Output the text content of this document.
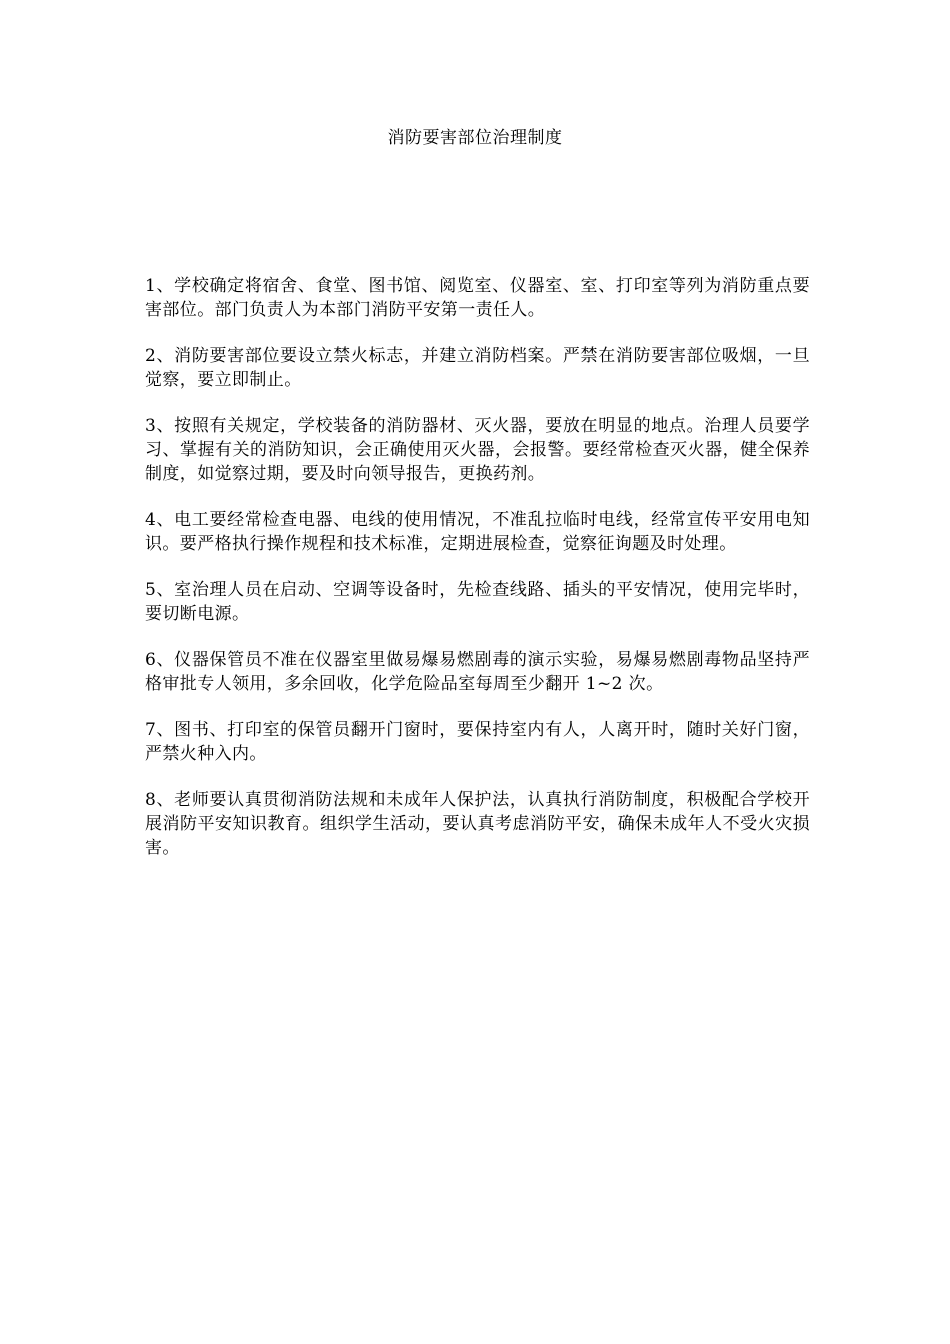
消防要害部位治理制度

1、学校确定将宿舍、食堂、图书馆、阅览室、仪器室、室、打印室等列为消防重点要害部位。部门负责人为本部门消防平安第一责任人。

2、消防要害部位要设立禁火标志，并建立消防档案。严禁在消防要害部位吸烟，一旦觉察，要立即制止。

3、按照有关规定，学校装备的消防器材、灭火器，要放在明显的地点。治理人员要学习、掌握有关的消防知识，会正确使用灭火器，会报警。要经常检查灭火器，健全保养制度，如觉察过期，要及时向领导报告，更换药剂。

4、电工要经常检查电器、电线的使用情况，不准乱拉临时电线，经常宣传平安用电知识。要严格执行操作规程和技术标准，定期进展检查，觉察征询题及时处理。

5、室治理人员在启动、空调等设备时，先检查线路、插头的平安情况，使用完毕时，要切断电源。

6、仪器保管员不准在仪器室里做易爆易燃剧毒的演示实验，易爆易燃剧毒物品坚持严格审批专人领用，多余回收，化学危险品室每周至少翻开 1~2 次。

7、图书、打印室的保管员翻开门窗时，要保持室内有人，人离开时，随时关好门窗，严禁火种入内。

8、老师要认真贯彻消防法规和未成年人保护法，认真执行消防制度，积极配合学校开展消防平安知识教育。组织学生活动，要认真考虑消防平安，确保未成年人不受火灾损害。
